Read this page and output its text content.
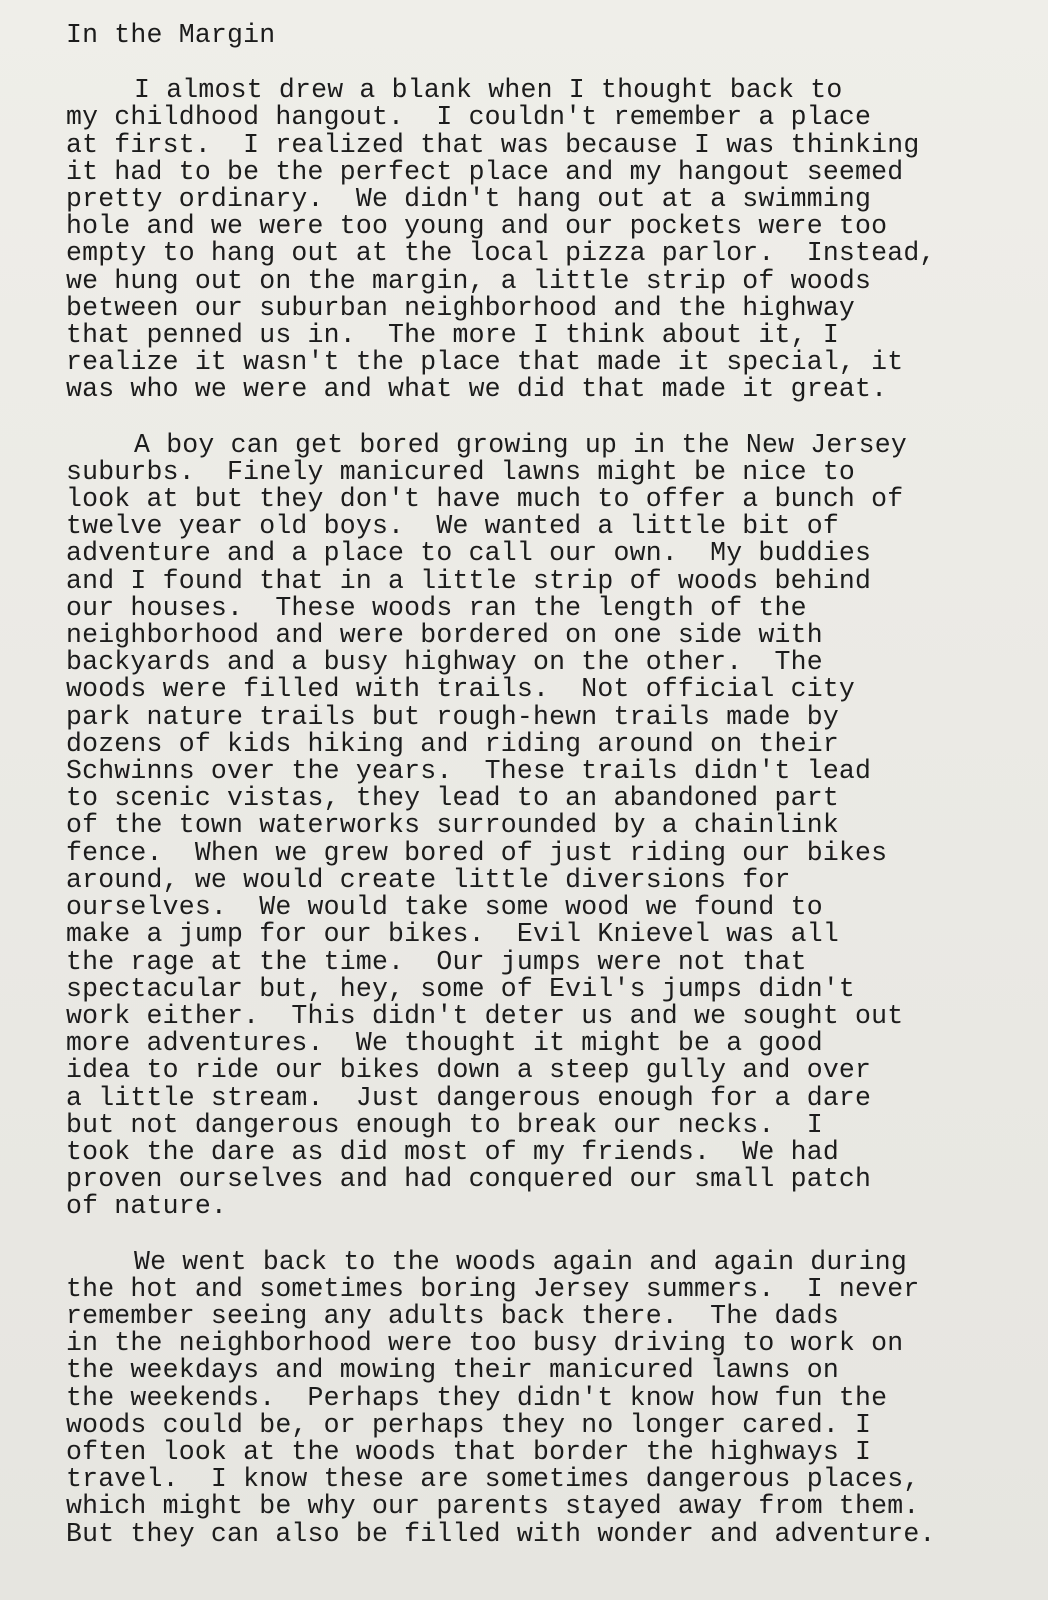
In the Margin
I almost drew a blank when I thought back to
my childhood hangout.  I couldn't remember a place
at first.  I realized that was because I was thinking
it had to be the perfect place and my hangout seemed
pretty ordinary.  We didn't hang out at a swimming
hole and we were too young and our pockets were too
empty to hang out at the local pizza parlor.  Instead,
we hung out on the margin, a little strip of woods
between our suburban neighborhood and the highway
that penned us in.  The more I think about it, I
realize it wasn't the place that made it special, it
was who we were and what we did that made it great.
A boy can get bored growing up in the New Jersey
suburbs.  Finely manicured lawns might be nice to
look at but they don't have much to offer a bunch of
twelve year old boys.  We wanted a little bit of
adventure and a place to call our own.  My buddies
and I found that in a little strip of woods behind
our houses.  These woods ran the length of the
neighborhood and were bordered on one side with
backyards and a busy highway on the other.  The
woods were filled with trails.  Not official city
park nature trails but rough-hewn trails made by
dozens of kids hiking and riding around on their
Schwinns over the years.  These trails didn't lead
to scenic vistas, they lead to an abandoned part
of the town waterworks surrounded by a chainlink
fence.  When we grew bored of just riding our bikes
around, we would create little diversions for
ourselves.  We would take some wood we found to
make a jump for our bikes.  Evil Knievel was all
the rage at the time.  Our jumps were not that
spectacular but, hey, some of Evil's jumps didn't
work either.  This didn't deter us and we sought out
more adventures.  We thought it might be a good
idea to ride our bikes down a steep gully and over
a little stream.  Just dangerous enough for a dare
but not dangerous enough to break our necks.  I
took the dare as did most of my friends.  We had
proven ourselves and had conquered our small patch
of nature.
We went back to the woods again and again during
the hot and sometimes boring Jersey summers.  I never
remember seeing any adults back there.  The dads
in the neighborhood were too busy driving to work on
the weekdays and mowing their manicured lawns on
the weekends.  Perhaps they didn't know how fun the
woods could be, or perhaps they no longer cared. I
often look at the woods that border the highways I
travel.  I know these are sometimes dangerous places,
which might be why our parents stayed away from them.
But they can also be filled with wonder and adventure.
